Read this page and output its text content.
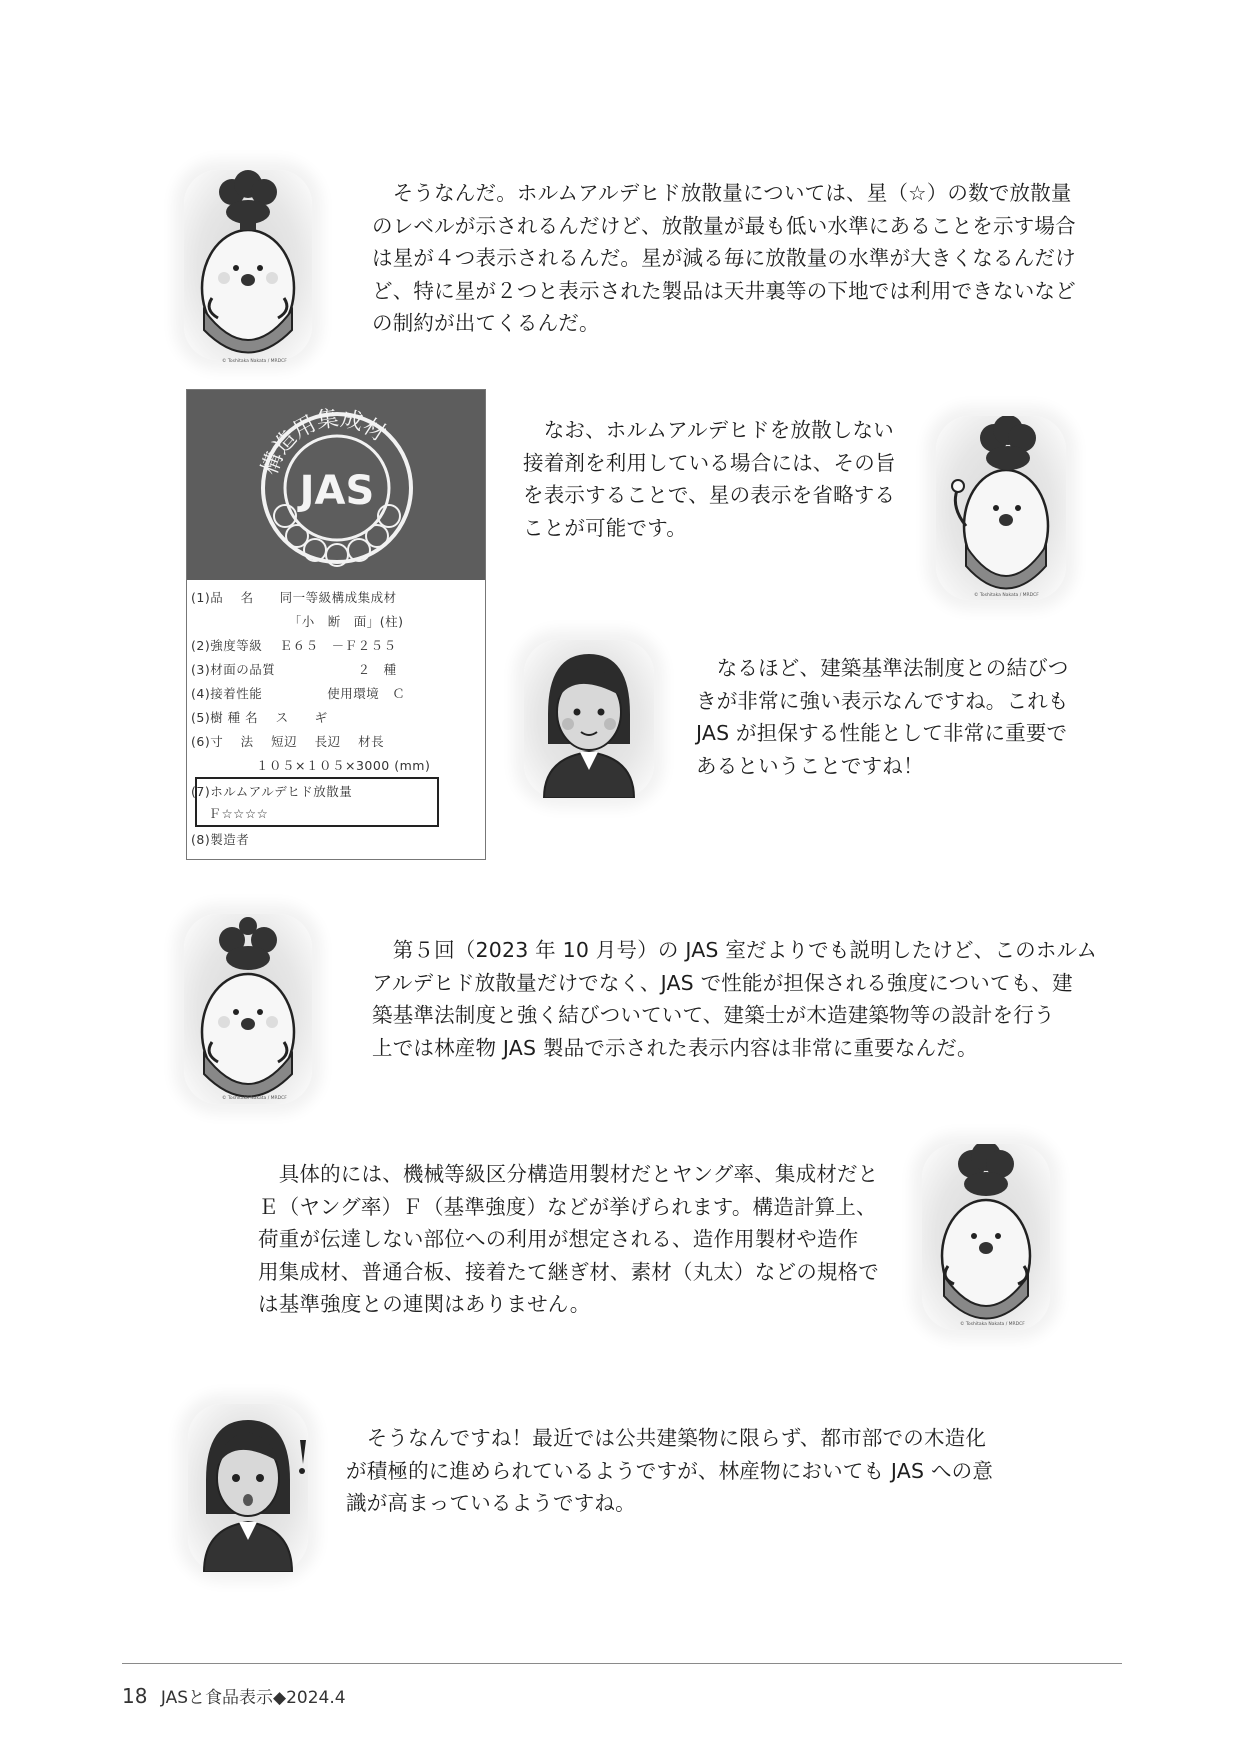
© Toshitaka Nakata / MRDCF
　そうなんだ。ホルムアルデヒド放散量については、星（☆）の数で放散量
のレベルが示されるんだけど、放散量が最も低い水準にあることを示す場合
は星が４つ表示されるんだ。星が減る毎に放散量の水準が大きくなるんだけ
ど、特に星が２つと表示された製品は天井裏等の下地では利用できないなど
の制約が出てくるんだ。
構造用集成材
JAS
(1)品　 名　　同一等級構成集成材
　　　　　　　　「小　断　面」(柱)
(2)強度等級　 Ｅ６５　－Ｆ２５５
(3)材面の品質　　　　　　 ２　種
(4)接着性能　　　　　使用環境　Ｃ
(5)樹 種 名　 ス　　ギ
(6)寸　 法　 短辺　 長辺　 材長
　　　　　１０５×１０５×3000 (mm)
(7)ホルムアルデヒド放散量
　 Ｆ☆☆☆☆
(8)製造者
　なお、ホルムアルデヒドを放散しない
接着剤を利用している場合には、その旨
を表示することで、星の表示を省略する
ことが可能です。
© Toshitaka Nakata / MRDCF
　なるほど、建築基準法制度との結びつ
きが非常に強い表示なんですね。これも
JAS が担保する性能として非常に重要で
あるということですね！
© Toshitaka Nakata / MRDCF
　第５回（2023 年 10 月号）の JAS 室だよりでも説明したけど、このホルム
アルデヒド放散量だけでなく、JAS で性能が担保される強度についても、建
築基準法制度と強く結びついていて、建築士が木造建築物等の設計を行う
上では林産物 JAS 製品で示された表示内容は非常に重要なんだ。
　具体的には、機械等級区分構造用製材だとヤング率、集成材だと
Ｅ（ヤング率）Ｆ（基準強度）などが挙げられます。構造計算上、
荷重が伝達しない部位への利用が想定される、造作用製材や造作
用集成材、普通合板、接着たて継ぎ材、素材（丸太）などの規格で
は基準強度との連関はありません。
© Toshitaka Nakata / MRDCF
　そうなんですね！最近では公共建築物に限らず、都市部での木造化
が積極的に進められているようですが、林産物においても JAS への意
識が高まっているようですね。
18 JASと食品表示◆2024.4
